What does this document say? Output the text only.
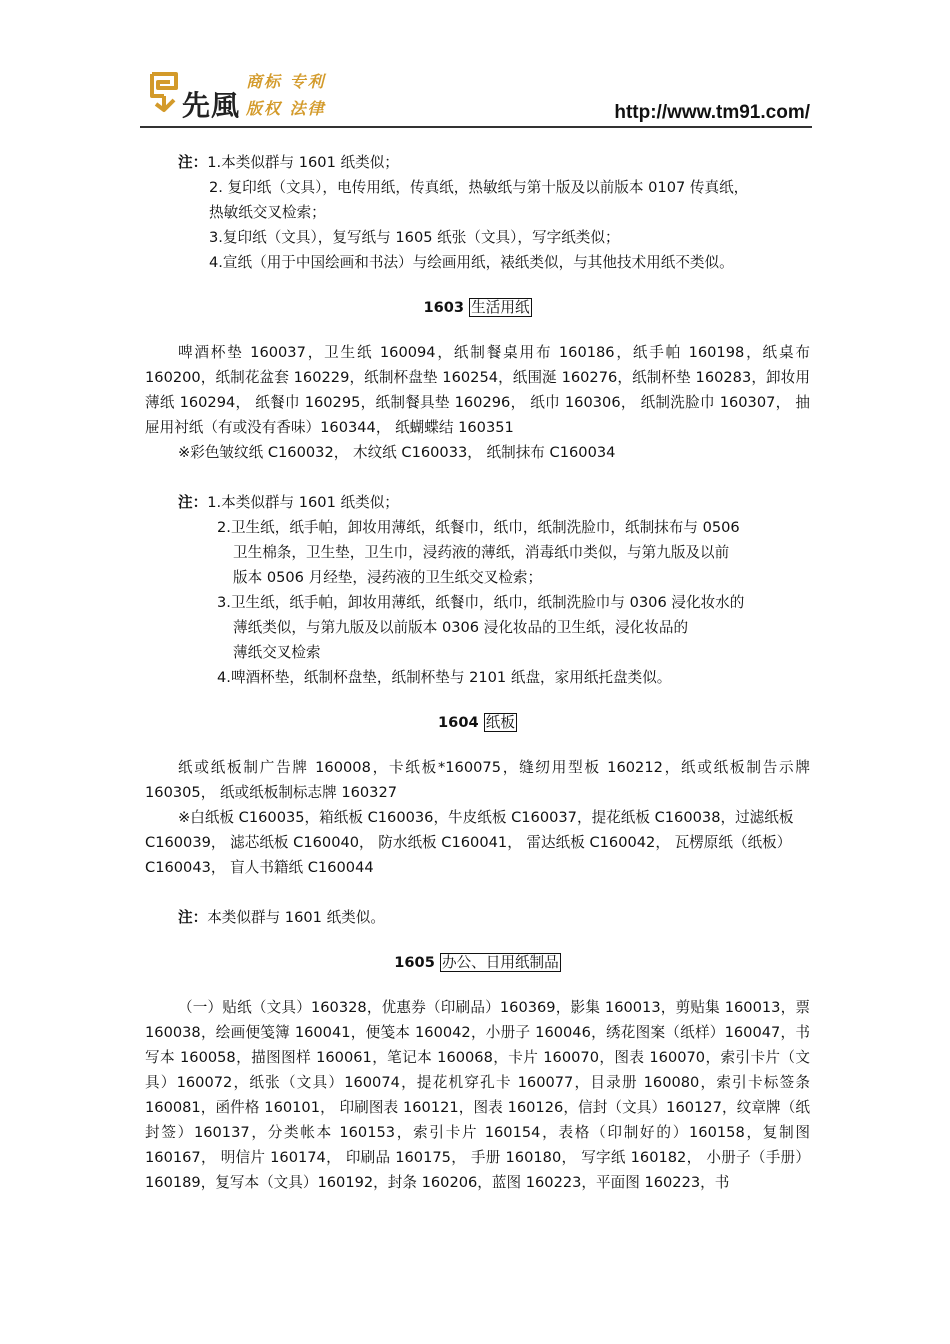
先風
商标 专利
版权 法律	http://www.tm91.com/
注：1.本类似群与 1601 纸类似；
2. 复印纸（文具），电传用纸，传真纸，热敏纸与第十版及以前版本 0107 传真纸，
热敏纸交叉检索；
3.复印纸（文具），复写纸与 1605 纸张（文具），写字纸类似；
4.宣纸（用于中国绘画和书法）与绘画用纸，裱纸类似，与其他技术用纸不类似。
1603 生活用纸
啤酒杯垫 160037，卫生纸 160094，纸制餐桌用布 160186，纸手帕 160198，纸桌布 160200，纸制花盆套 160229，纸制杯盘垫 160254，纸围涎 160276，纸制杯垫 160283，卸妆用薄纸 160294， 纸餐巾 160295，纸制餐具垫 160296， 纸巾 160306， 纸制洗脸巾 160307， 抽屉用衬纸（有或没有香味）160344， 纸蝴蝶结 160351
※彩色皱纹纸 C160032， 木纹纸 C160033， 纸制抹布 C160034
注：1.本类似群与 1601 纸类似；
2.卫生纸，纸手帕，卸妆用薄纸，纸餐巾，纸巾，纸制洗脸巾，纸制抹布与 0506
卫生棉条，卫生垫，卫生巾，浸药液的薄纸，消毒纸巾类似，与第九版及以前
版本 0506 月经垫，浸药液的卫生纸交叉检索；
3.卫生纸，纸手帕，卸妆用薄纸，纸餐巾，纸巾，纸制洗脸巾与 0306 浸化妆水的
薄纸类似，与第九版及以前版本 0306 浸化妆品的卫生纸，浸化妆品的
薄纸交叉检索
4.啤酒杯垫，纸制杯盘垫，纸制杯垫与 2101 纸盘，家用纸托盘类似。
1604 纸板
纸或纸板制广告牌 160008，卡纸板*160075，缝纫用型板 160212，纸或纸板制告示牌 160305， 纸或纸板制标志牌 160327
※白纸板 C160035，箱纸板 C160036，牛皮纸板 C160037，提花纸板 C160038，过滤纸板 C160039， 滤芯纸板 C160040， 防水纸板 C160041， 雷达纸板 C160042， 瓦楞原纸（纸板）C160043， 盲人书籍纸 C160044
注：本类似群与 1601 纸类似。
1605 办公、日用纸制品
（一）贴纸（文具）160328，优惠券（印刷品）160369，影集 160013，剪贴集 160013，票 160038，绘画便笺簿 160041，便笺本 160042，小册子 160046，绣花图案（纸样）160047，书写本 160058，描图图样 160061，笔记本 160068，卡片 160070，图表 160070，索引卡片（文具）160072，纸张（文具）160074，提花机穿孔卡 160077，目录册 160080，索引卡标签条 160081，函件格 160101， 印刷图表 160121，图表 160126，信封（文具）160127，纹章牌（纸封签）160137，分类帐本 160153，索引卡片 160154，表格（印制好的）160158，复制图 160167， 明信片 160174， 印刷品 160175， 手册 160180， 写字纸 160182， 小册子（手册）160189，复写本（文具）160192，封条 160206，蓝图 160223，平面图 160223，书
